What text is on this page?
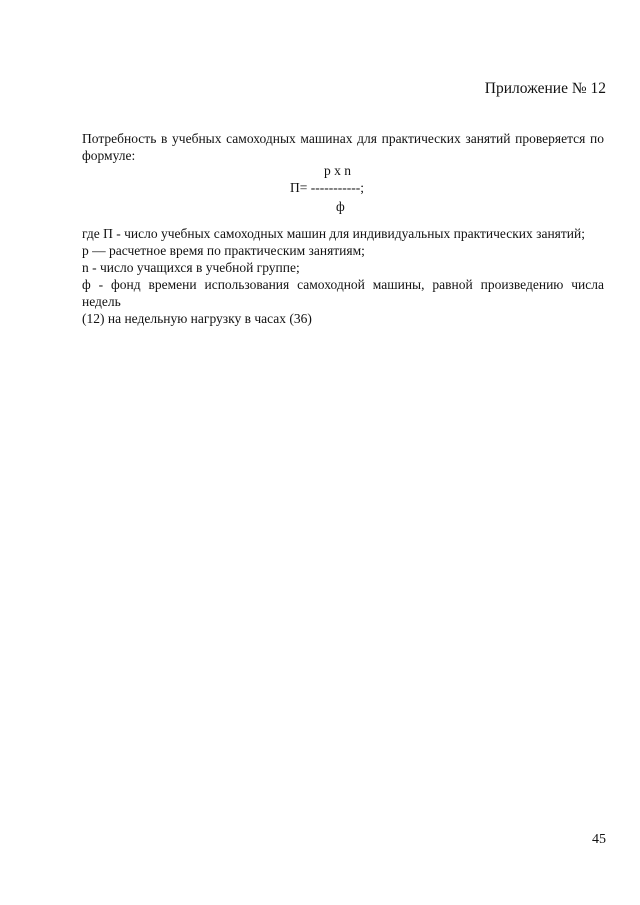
Приложение № 12
Потребность в учебных самоходных машинах для практических занятий проверяется по формуле:
р х n
П= -----------;
ф

где П - число учебных самоходных машин для индивидуальных практических занятий;

р — расчетное время по практическим занятиям;

n - число учащихся в учебной группе;

ф - фонд времени использования самоходной машины, равной произведению числа

недель

(12) на недельную нагрузку в часах (36)

45
